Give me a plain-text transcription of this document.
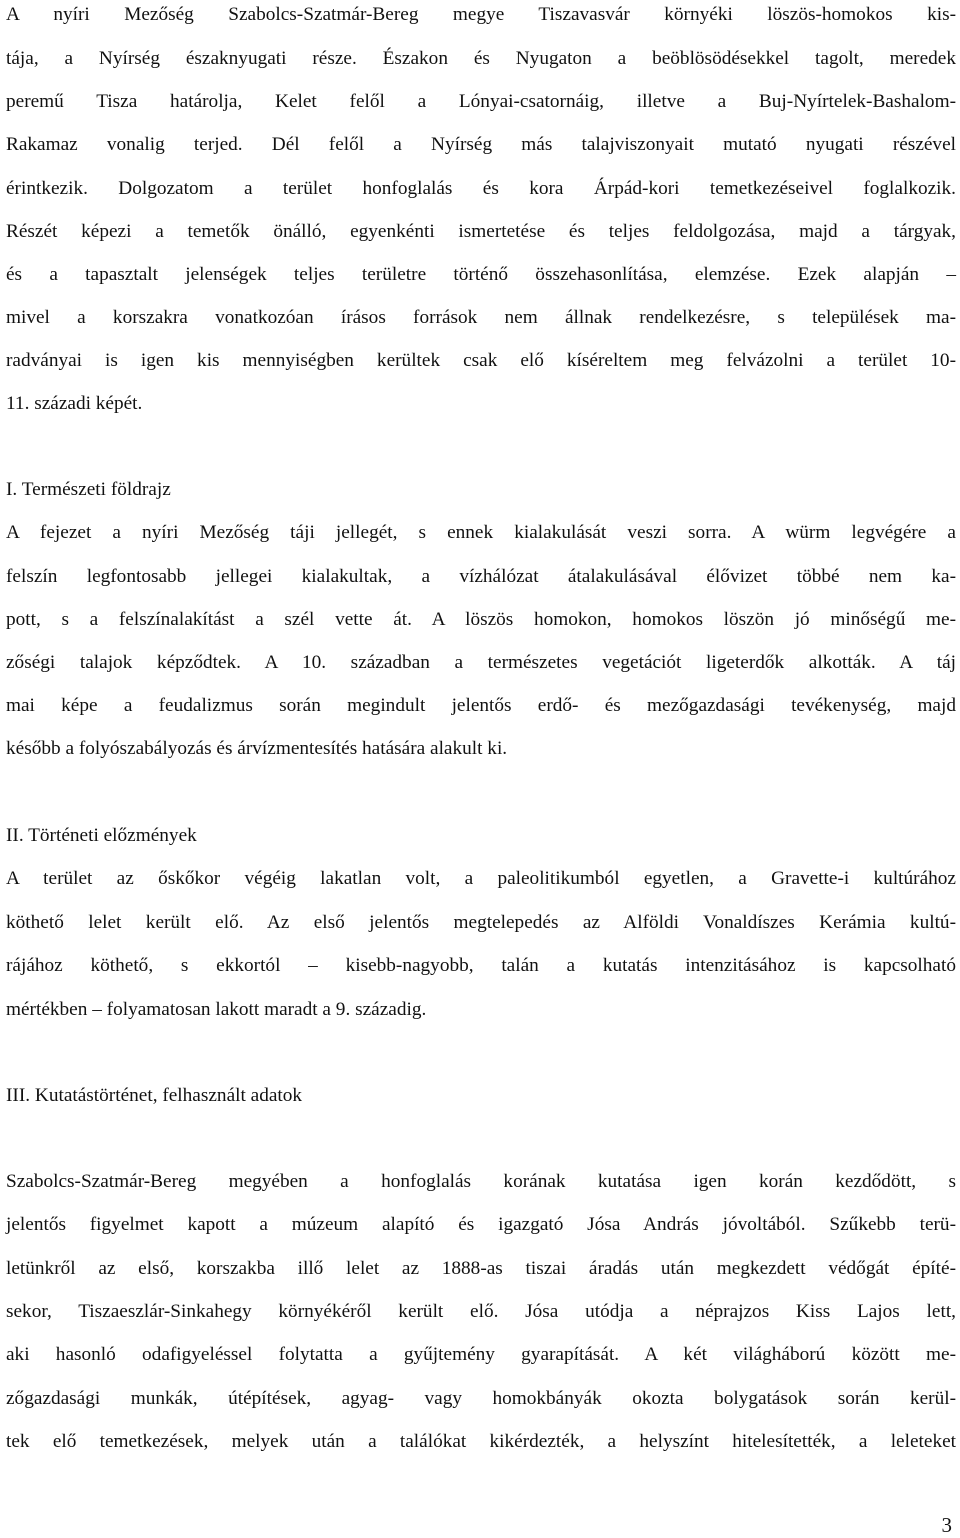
A nyíri Mezőség Szabolcs-Szatmár-Bereg megye Tiszavasvár környéki löszös-homokos kis-
tája, a Nyírség északnyugati része. Északon és Nyugaton a beöblösödésekkel tagolt, meredek
peremű Tisza határolja, Kelet felől a Lónyai-csatornáig, illetve a Buj-Nyírtelek-Bashalom-
Rakamaz vonalig terjed. Dél felől a Nyírség más talajviszonyait mutató nyugati részével
érintkezik. Dolgozatom a terület honfoglalás és kora Árpád-kori temetkezéseivel foglalkozik.
Részét képezi a temetők önálló, egyenkénti ismertetése és teljes feldolgozása, majd a tárgyak,
és a tapasztalt jelenségek teljes területre történő összehasonlítása, elemzése. Ezek alapján –
mivel a korszakra vonatkozóan írásos források nem állnak rendelkezésre, s települések ma-
radványai is igen kis mennyiségben kerültek csak elő kíséreltem meg felvázolni a terület 10-
11. századi képét.
I. Természeti földrajz
A fejezet a nyíri Mezőség táji jellegét, s ennek kialakulását veszi sorra. A würm legvégére a
felszín legfontosabb jellegei kialakultak, a vízhálózat átalakulásával élővizet többé nem ka-
pott, s a felszínalakítást a szél vette át. A löszös homokon, homokos löszön jó minőségű me-
zőségi talajok képződtek. A 10. században a természetes vegetációt ligeterdők alkották. A táj
mai képe a feudalizmus során megindult jelentős erdő- és mezőgazdasági tevékenység, majd
később a folyószabályozás és árvízmentesítés hatására alakult ki.
II. Történeti előzmények
A terület az őskőkor végéig lakatlan volt, a paleolitikumból egyetlen, a Gravette-i kultúrához
köthető lelet került elő. Az első jelentős megtelepedés az Alföldi Vonaldíszes Kerámia kultú-
rájához köthető, s ekkortól – kisebb-nagyobb, talán a kutatás intenzitásához is kapcsolható
mértékben – folyamatosan lakott maradt a 9. századig.
III. Kutatástörténet, felhasznált adatok
Szabolcs-Szatmár-Bereg megyében a honfoglalás korának kutatása igen korán kezdődött, s
jelentős figyelmet kapott a múzeum alapító és igazgató Jósa András jóvoltából. Szűkebb terü-
letünkről az első, korszakba illő lelet az 1888-as tiszai áradás után megkezdett védőgát építé-
sekor, Tiszaeszlár-Sinkahegy környékéről került elő. Jósa utódja a néprajzos Kiss Lajos lett,
aki hasonló odafigyeléssel folytatta a gyűjtemény gyarapítását. A két világháború között me-
zőgazdasági munkák, útépítések, agyag- vagy homokbányák okozta bolygatások során kerül-
tek elő temetkezések, melyek után a találókat kikérdezték, a helyszínt hitelesítették, a leleteket
3
